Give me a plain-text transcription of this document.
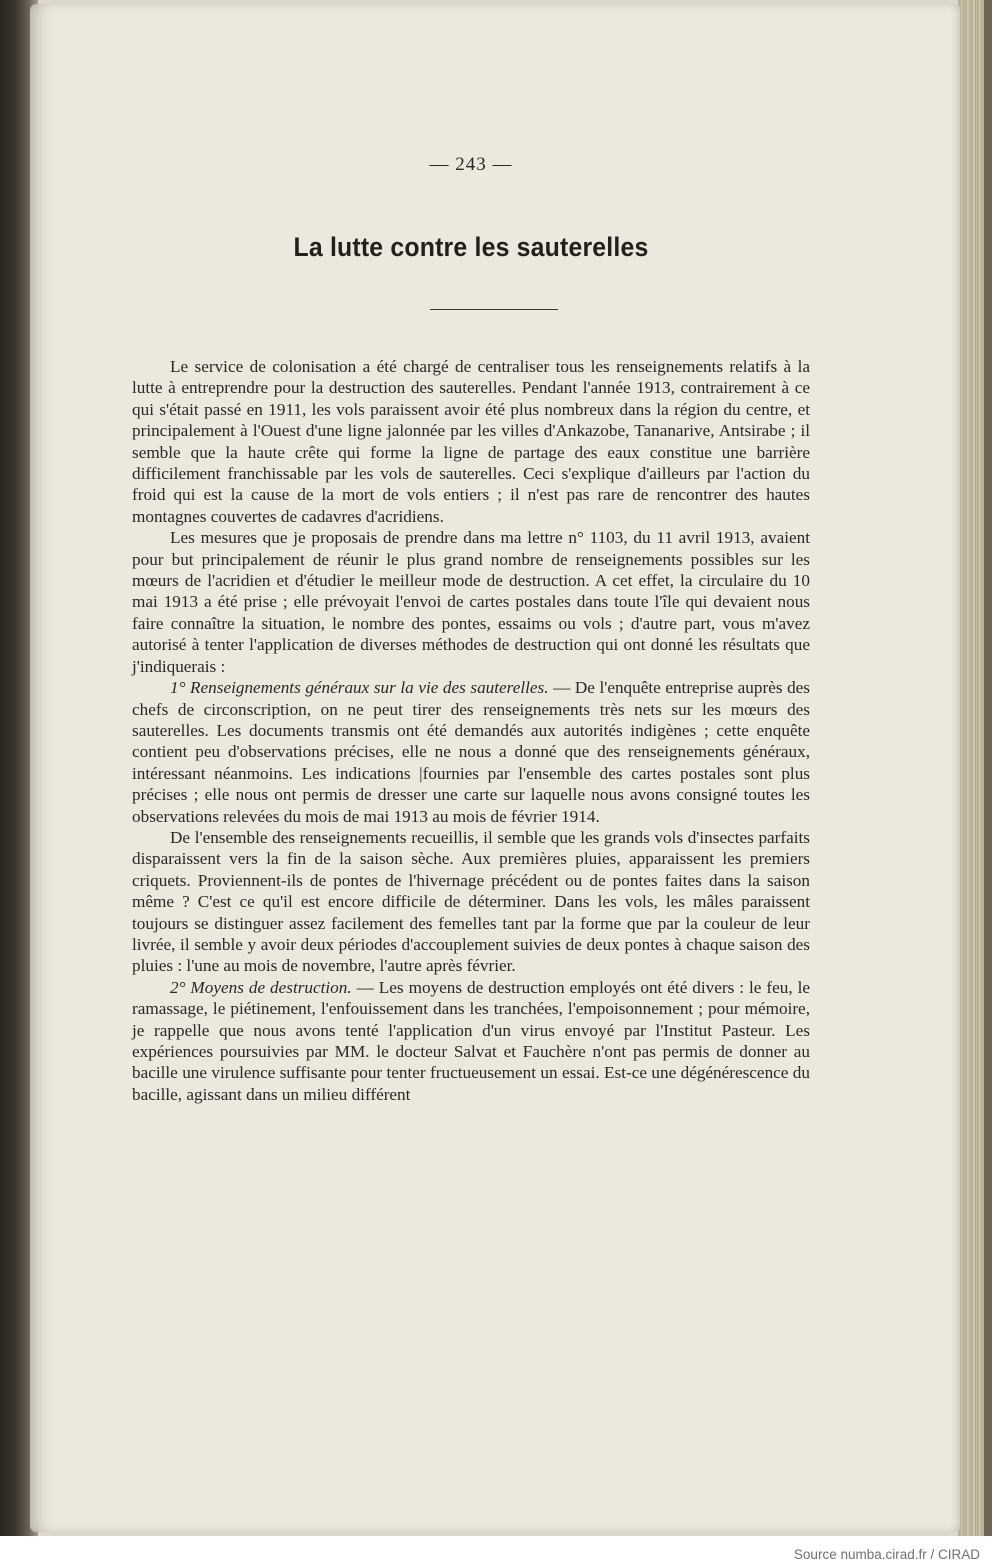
— 243 —
La lutte contre les sauterelles

Le service de colonisation a été chargé de centraliser tous les renseignements relatifs à la lutte à entreprendre pour la destruction des sauterelles. Pendant l'année 1913, contrairement à ce qui s'était passé en 1911, les vols paraissent avoir été plus nombreux dans la région du centre, et principalement à l'Ouest d'une ligne jalonnée par les villes d'Ankazobe, Tananarive, Antsirabe ; il semble que la haute crête qui forme la ligne de partage des eaux constitue une barrière difficilement franchissable par les vols de sauterelles. Ceci s'explique d'ailleurs par l'action du froid qui est la cause de la mort de vols entiers ; il n'est pas rare de rencontrer des hautes montagnes couvertes de cadavres d'acridiens.

Les mesures que je proposais de prendre dans ma lettre n° 1103, du 11 avril 1913, avaient pour but principalement de réunir le plus grand nombre de renseignements possibles sur les mœurs de l'acridien et d'étudier le meilleur mode de destruction. A cet effet, la circulaire du 10 mai 1913 a été prise ; elle prévoyait l'envoi de cartes postales dans toute l'île qui devaient nous faire connaître la situation, le nombre des pontes, essaims ou vols ; d'autre part, vous m'avez autorisé à tenter l'application de diverses méthodes de destruction qui ont donné les résultats que j'indiquerais :

1° Renseignements généraux sur la vie des sauterelles. — De l'enquête entreprise auprès des chefs de circonscription, on ne peut tirer des renseignements très nets sur les mœurs des sauterelles. Les documents transmis ont été demandés aux autorités indigènes ; cette enquête contient peu d'observations précises, elle ne nous a donné que des renseignements généraux, intéressant néanmoins. Les indications |fournies par l'ensemble des cartes postales sont plus précises ; elle nous ont permis de dresser une carte sur laquelle nous avons consigné toutes les observations relevées du mois de mai 1913 au mois de février 1914.

De l'ensemble des renseignements recueillis, il semble que les grands vols d'insectes parfaits disparaissent vers la fin de la saison sèche. Aux premières pluies, apparaissent les premiers criquets. Proviennent-ils de pontes de l'hivernage précédent ou de pontes faites dans la saison même ? C'est ce qu'il est encore difficile de déterminer. Dans les vols, les mâles paraissent toujours se distinguer assez facilement des femelles tant par la forme que par la couleur de leur livrée, il semble y avoir deux périodes d'accouplement suivies de deux pontes à chaque saison des pluies : l'une au mois de novembre, l'autre après février.

2° Moyens de destruction. — Les moyens de destruction employés ont été divers : le feu, le ramassage, le piétinement, l'enfouissement dans les tranchées, l'empoisonnement ; pour mémoire, je rappelle que nous avons tenté l'application d'un virus envoyé par l'Institut Pasteur. Les expériences poursuivies par MM. le docteur Salvat et Fauchère n'ont pas permis de donner au bacille une virulence suffisante pour tenter fructueusement un essai. Est-ce une dégénérescence du bacille, agissant dans un milieu différent

Source numba.cirad.fr / CIRAD
